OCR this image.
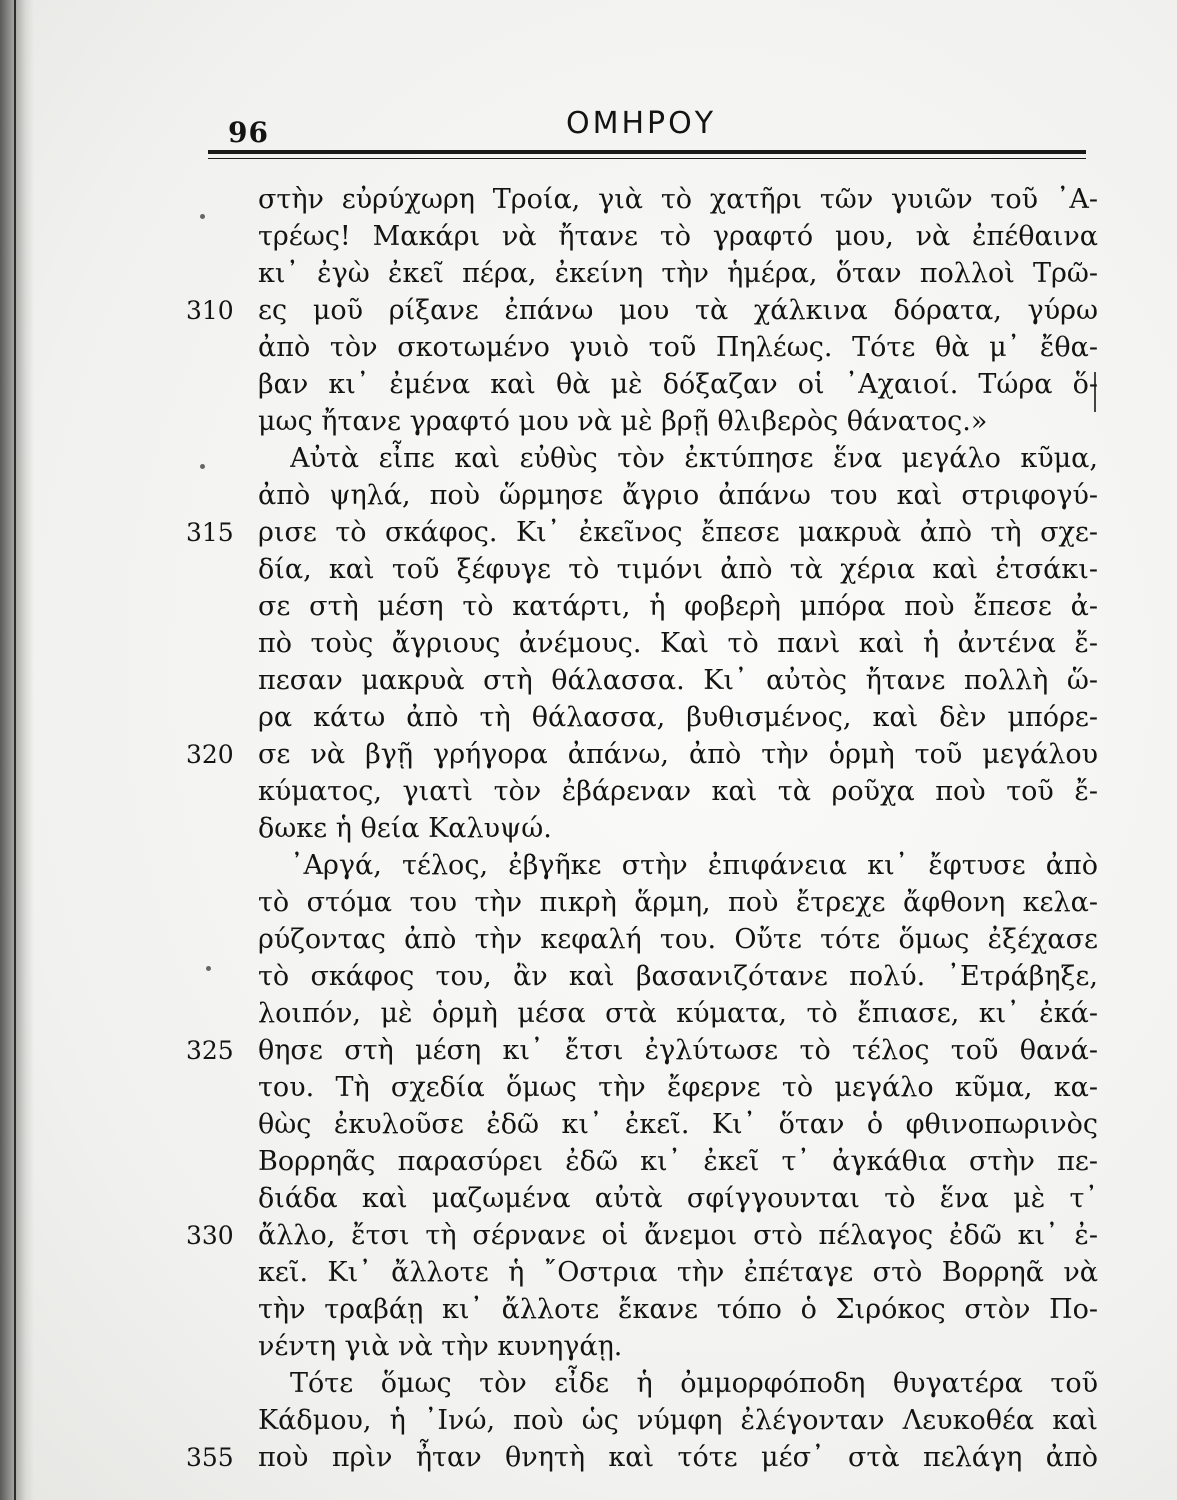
96	ΟΜΗΡΟΥ
στὴν εὐρύχωρη Τροία, γιὰ τὸ χατῆρι τῶν γυιῶν τοῦ ᾿Α-
τρέως! Μακάρι νὰ ἤτανε τὸ γραφτό μου, νὰ ἐπέθαινα
κι᾿ ἐγὼ ἐκεῖ πέρα, ἐκείνη τὴν ἡμέρα, ὅταν πολλοὶ Τρῶ-
310 ες μοῦ ρίξανε ἐπάνω μου τὰ χάλκινα δόρατα, γύρω
ἀπὸ τὸν σκοτωμένο γυιὸ τοῦ Πηλέως. Τότε θὰ μ᾿ ἔθα-
βαν κι᾿ ἐμένα καὶ θὰ μὲ δόξαζαν οἱ ᾿Αχαιοί. Τώρα ὅ-
μως ἤτανε γραφτό μου νὰ μὲ βρῇ θλιβερὸς θάνατος.»
Αὐτὰ εἶπε καὶ εὐθὺς τὸν ἐκτύπησε ἕνα μεγάλο κῦμα,
ἀπὸ ψηλά, ποὺ ὥρμησε ἄγριο ἀπάνω του καὶ στριφογύ-
315 ρισε τὸ σκάφος. Κι᾿ ἐκεῖνος ἔπεσε μακρυὰ ἀπὸ τὴ σχε-
δία, καὶ τοῦ ξέφυγε τὸ τιμόνι ἀπὸ τὰ χέρια καὶ ἐτσάκι-
σε στὴ μέση τὸ κατάρτι, ἡ φοβερὴ μπόρα ποὺ ἔπεσε ἀ-
πὸ τοὺς ἄγριους ἀνέμους. Καὶ τὸ πανὶ καὶ ἡ ἀντένα ἔ-
πεσαν μακρυὰ στὴ θάλασσα. Κι᾿ αὐτὸς ἤτανε πολλὴ ὥ-
ρα κάτω ἀπὸ τὴ θάλασσα, βυθισμένος, καὶ δὲν μπόρε-
320 σε νὰ βγῇ γρήγορα ἀπάνω, ἀπὸ τὴν ὁρμὴ τοῦ μεγάλου
κύματος, γιατὶ τὸν ἐβάρεναν καὶ τὰ ροῦχα ποὺ τοῦ ἔ-
δωκε ἡ θεία Καλυψώ.
᾿Αργά, τέλος, ἐβγῆκε στὴν ἐπιφάνεια κι᾿ ἔφτυσε ἀπὸ
τὸ στόμα του τὴν πικρὴ ἅρμη, ποὺ ἔτρεχε ἄφθονη κελα-
ρύζοντας ἀπὸ τὴν κεφαλή του. Οὔτε τότε ὅμως ἐξέχασε
τὸ σκάφος του, ἂν καὶ βασανιζότανε πολύ. ᾿Ετράβηξε,
λοιπόν, μὲ ὁρμὴ μέσα στὰ κύματα, τὸ ἔπιασε, κι᾿ ἐκά-
325 θησε στὴ μέση κι᾿ ἔτσι ἐγλύτωσε τὸ τέλος τοῦ θανά-
του. Τὴ σχεδία ὅμως τὴν ἔφερνε τὸ μεγάλο κῦμα, κα-
θὼς ἐκυλοῦσε ἐδῶ κι᾿ ἐκεῖ. Κι᾿ ὅταν ὁ φθινοπωρινὸς
Βορρηᾶς παρασύρει ἐδῶ κι᾿ ἐκεῖ τ᾿ ἀγκάθια στὴν πε-
διάδα καὶ μαζωμένα αὐτὰ σφίγγουνται τὸ ἕνα μὲ τ᾿
330 ἄλλο, ἔτσι τὴ σέρνανε οἱ ἄνεμοι στὸ πέλαγος ἐδῶ κι᾿ ἐ-
κεῖ. Κι᾿ ἄλλοτε ἡ ῎Οστρια τὴν ἐπέταγε στὸ Βορρηᾶ νὰ
τὴν τραβάῃ κι᾿ ἄλλοτε ἔκανε τόπο ὁ Σιρόκος στὸν Πο-
νέντη γιὰ νὰ τὴν κυνηγάῃ.
Τότε ὅμως τὸν εἶδε ἡ ὀμμορφόποδη θυγατέρα τοῦ
Κάδμου, ἡ ᾿Ινώ, ποὺ ὡς νύμφη ἐλέγονταν Λευκοθέα καὶ
355 ποὺ πρὶν ἦταν θνητὴ καὶ τότε μέσ᾿ στὰ πελάγη ἀπὸ
